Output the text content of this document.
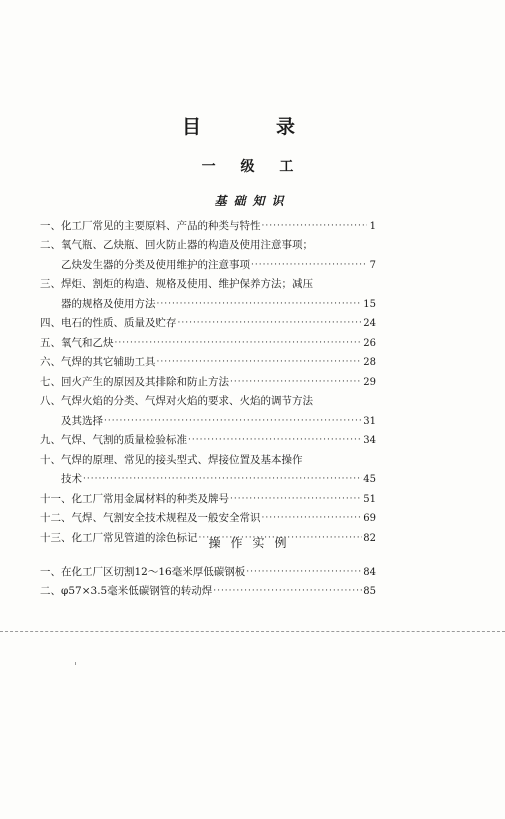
目　录
一 级 工
基础知识
一、 化工厂常见的主要原料、产品的种类与特性 ·····	1
二、 氧气瓶、乙炔瓶、回火防止器的构造及使用注意事项；
乙炔发生器的分类及使用维护的注意事项 ·····	7
三、 焊炬、割炬的构造、规格及使用、维护保养方法；减压
器的规格及使用方法 ·····	15
四、 电石的性质、质量及贮存 ·····	24
五、 氧气和乙炔 ·····	26
六、 气焊的其它辅助工具 ·····	28
七、 回火产生的原因及其排除和防止方法 ·····	29
八、 气焊火焰的分类、气焊对火焰的要求、火焰的调节方法
及其选择 ·····	31
九、 气焊、气割的质量检验标准 ·····	34
十、 气焊的原理、常见的接头型式、焊接位置及基本操作
技术 ·····	45
十一、 化工厂常用金属材料的种类及牌号 ·····	51
十二、 气焊、气割安全技术规程及一般安全常识 ·····	69
十三、 化工厂常见管道的涂色标记 ·····	82
操作实例
一、 在化工厂区切割12～16毫米厚低碳钢板 ·····	84
二、 φ57×3.5毫米低碳钢管的转动焊 ·····	85
